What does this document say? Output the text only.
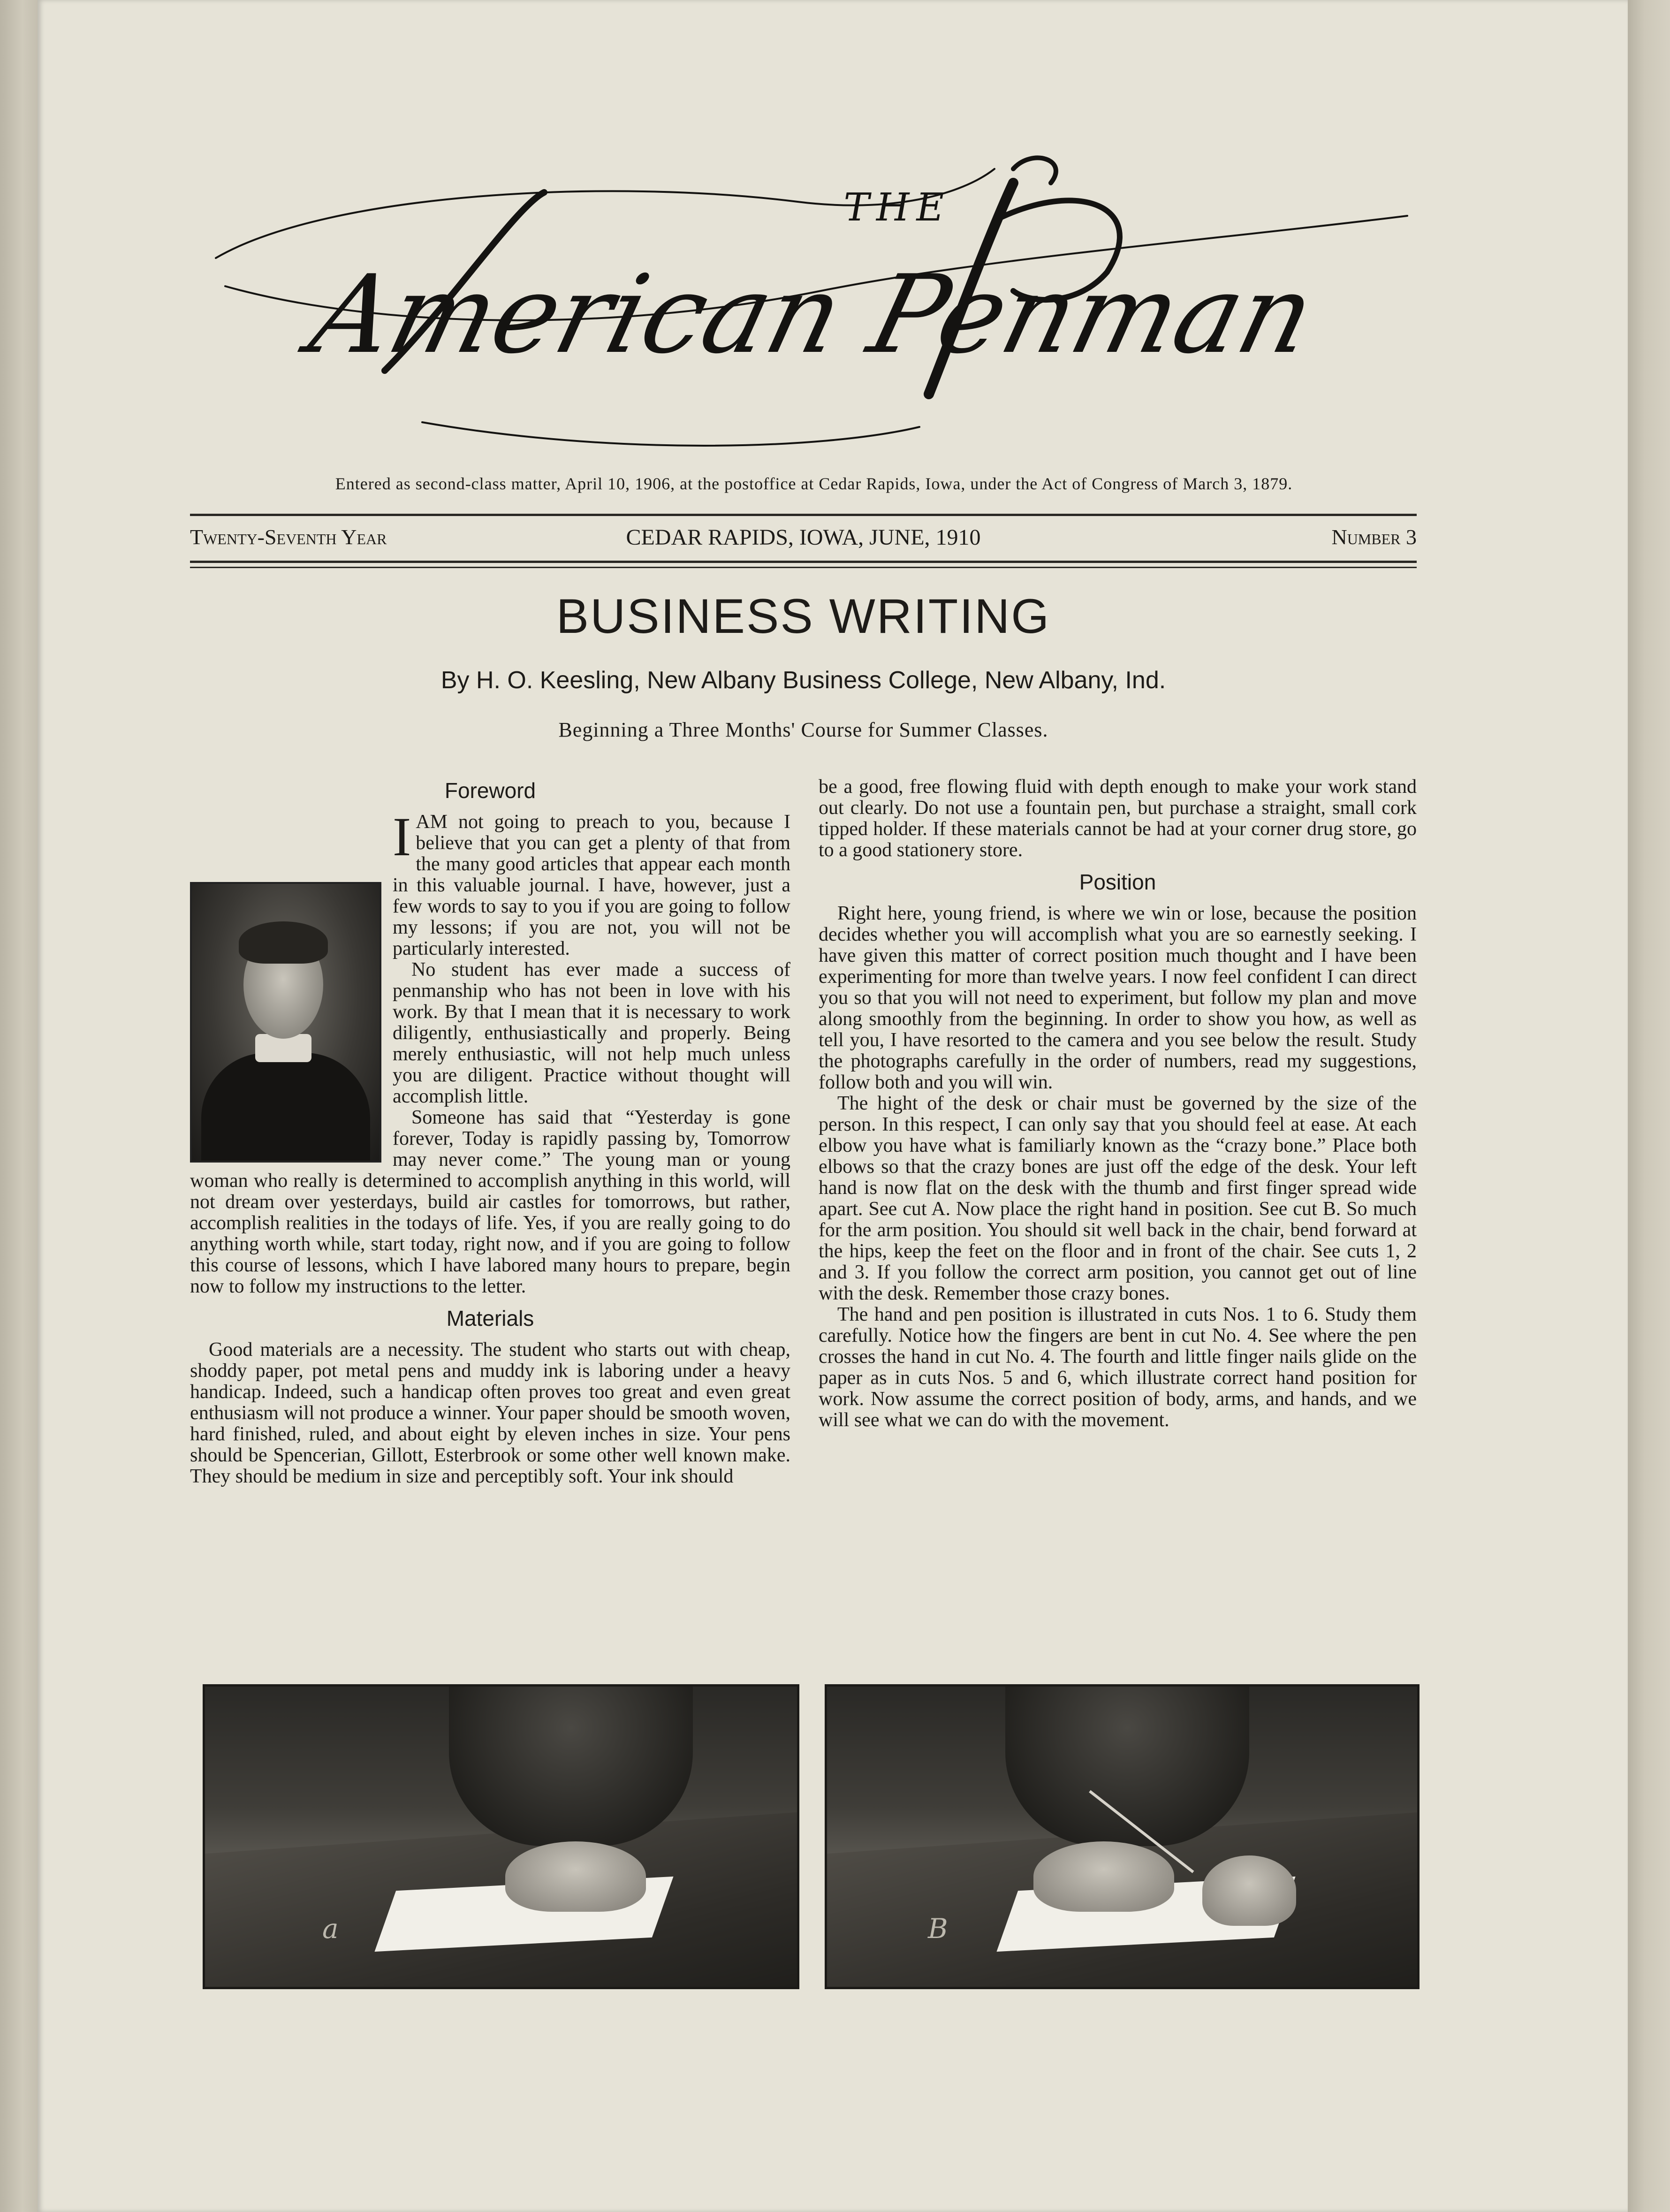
THE
American Penman
Entered as second-class matter, April 10, 1906, at the postoffice at Cedar Rapids, Iowa, under the Act of Congress of March 3, 1879.
Twenty-Seventh Year	CEDAR RAPIDS, IOWA, JUNE, 1910	Number 3
BUSINESS WRITING
By H. O. Keesling, New Albany Business College, New Albany, Ind.
Beginning a Three Months' Course for Summer Classes.
Foreword

IAM not going to preach to you, because I believe that you can get a plenty of that from the many good articles that appear each month in this valuable journal. I have, however, just a few words to say to you if you are going to follow my lessons; if you are not, you will not be particularly interested.

No student has ever made a success of penmanship who has not been in love with his work. By that I mean that it is necessary to work diligently, enthusiastically and properly. Being merely enthusiastic, will not help much unless you are diligent. Practice without thought will accomplish little.

Someone has said that “Yesterday is gone forever, Today is rapidly passing by, Tomorrow may never come.” The young man or young woman who really is determined to accomplish anything in this world, will not dream over yesterdays, build air castles for tomorrows, but rather, accomplish realities in the todays of life. Yes, if you are really going to do anything worth while, start today, right now, and if you are going to follow this course of lessons, which I have labored many hours to prepare, begin now to follow my instructions to the letter.

Materials

Good materials are a necessity. The student who starts out with cheap, shoddy paper, pot metal pens and muddy ink is laboring under a heavy handicap. Indeed, such a handicap often proves too great and even great enthusiasm will not produce a winner. Your paper should be smooth woven, hard finished, ruled, and about eight by eleven inches in size. Your pens should be Spencerian, Gillott, Esterbrook or some other well known make. They should be medium in size and perceptibly soft. Your ink should

be a good, free flowing fluid with depth enough to make your work stand out clearly. Do not use a fountain pen, but purchase a straight, small cork tipped holder. If these materials cannot be had at your corner drug store, go to a good stationery store.

Position

Right here, young friend, is where we win or lose, because the position decides whether you will accomplish what you are so earnestly seeking. I have given this matter of correct position much thought and I have been experimenting for more than twelve years. I now feel confident I can direct you so that you will not need to experiment, but follow my plan and move along smoothly from the beginning. In order to show you how, as well as tell you, I have resorted to the camera and you see below the result. Study the photographs carefully in the order of numbers, read my suggestions, follow both and you will win.

The hight of the desk or chair must be governed by the size of the person. In this respect, I can only say that you should feel at ease. At each elbow you have what is familiarly known as the “crazy bone.” Place both elbows so that the crazy bones are just off the edge of the desk. Your left hand is now flat on the desk with the thumb and first finger spread wide apart. See cut A. Now place the right hand in position. See cut B. So much for the arm position. You should sit well back in the chair, bend forward at the hips, keep the feet on the floor and in front of the chair. See cuts 1, 2 and 3. If you follow the correct arm position, you cannot get out of line with the desk. Remember those crazy bones.

The hand and pen position is illustrated in cuts Nos. 1 to 6. Study them carefully. Notice how the fingers are bent in cut No. 4. See where the pen crosses the hand in cut No. 4. The fourth and little finger nails glide on the paper as in cuts Nos. 5 and 6, which illustrate correct hand position for work. Now assume the correct position of body, arms, and hands, and we will see what we can do with the movement.

a	B
